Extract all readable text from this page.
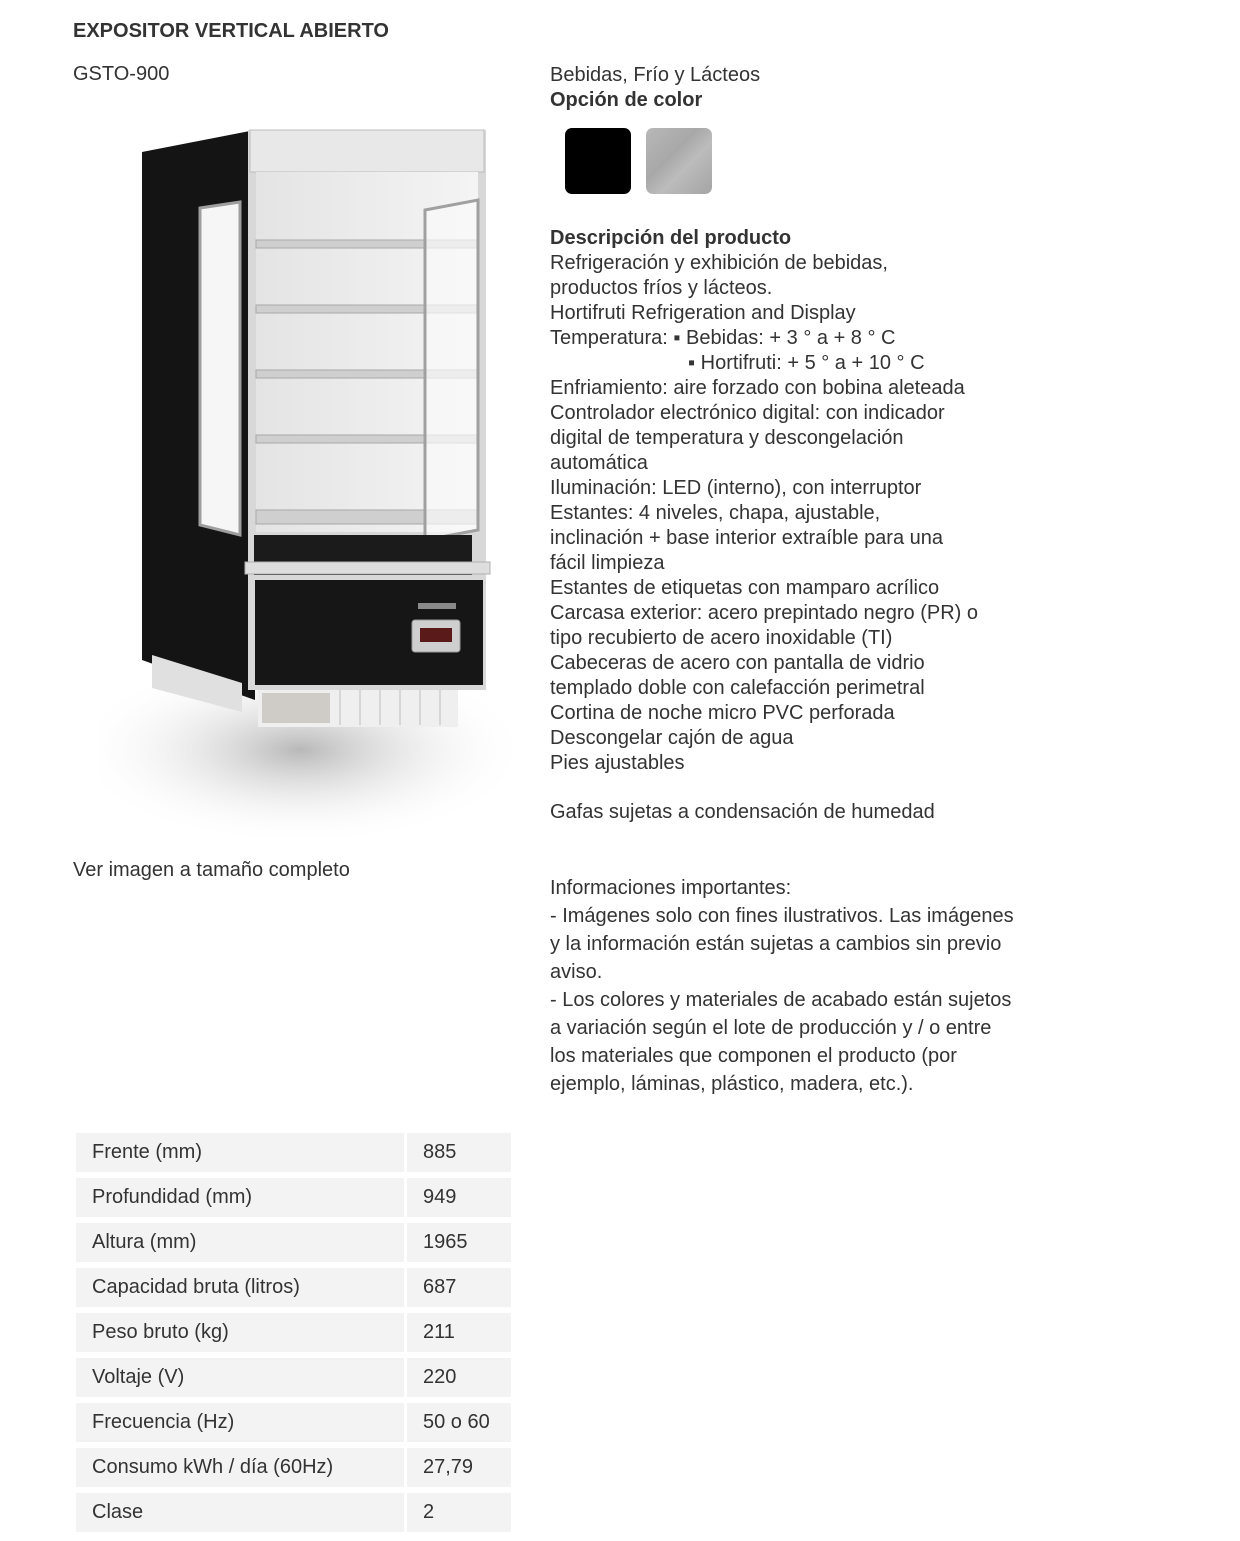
EXPOSITOR VERTICAL ABIERTO
GSTO-900
Ver imagen a tamaño completo
Bebidas, Frío y Lácteos
Opción de color
Descripción del producto
Refrigeración y exhibición de bebidas,
productos fríos y lácteos.
Hortifruti Refrigeration and Display
Temperatura: ▪ Bebidas: + 3 ° a + 8 ° C
▪ Hortifruti: + 5 ° a + 10 ° C
Enfriamiento: aire forzado con bobina aleteada
Controlador electrónico digital: con indicador
digital de temperatura y descongelación
automática
Iluminación: LED (interno), con interruptor
Estantes: 4 niveles, chapa, ajustable,
inclinación + base interior extraíble para una
fácil limpieza
Estantes de etiquetas con mamparo acrílico
Carcasa exterior: acero prepintado negro (PR) o
tipo recubierto de acero inoxidable (TI)
Cabeceras de acero con pantalla de vidrio
templado doble con calefacción perimetral
Cortina de noche micro PVC perforada
Descongelar cajón de agua
Pies ajustables
Gafas sujetas a condensación de humedad
Informaciones importantes:
- Imágenes solo con fines ilustrativos. Las imágenes y la información están sujetas a cambios sin previo aviso.
- Los colores y materiales de acabado están sujetos a variación según el lote de producción y / o entre los materiales que componen el producto (por ejemplo, láminas, plástico, madera, etc.).
Frente (mm)	885
Profundidad (mm)	949
Altura (mm)	1965
Capacidad bruta (litros)	687
Peso bruto (kg)	211
Voltaje (V)	220
Frecuencia (Hz)	50 o 60
Consumo kWh / día (60Hz)	27,79
Clase	2
